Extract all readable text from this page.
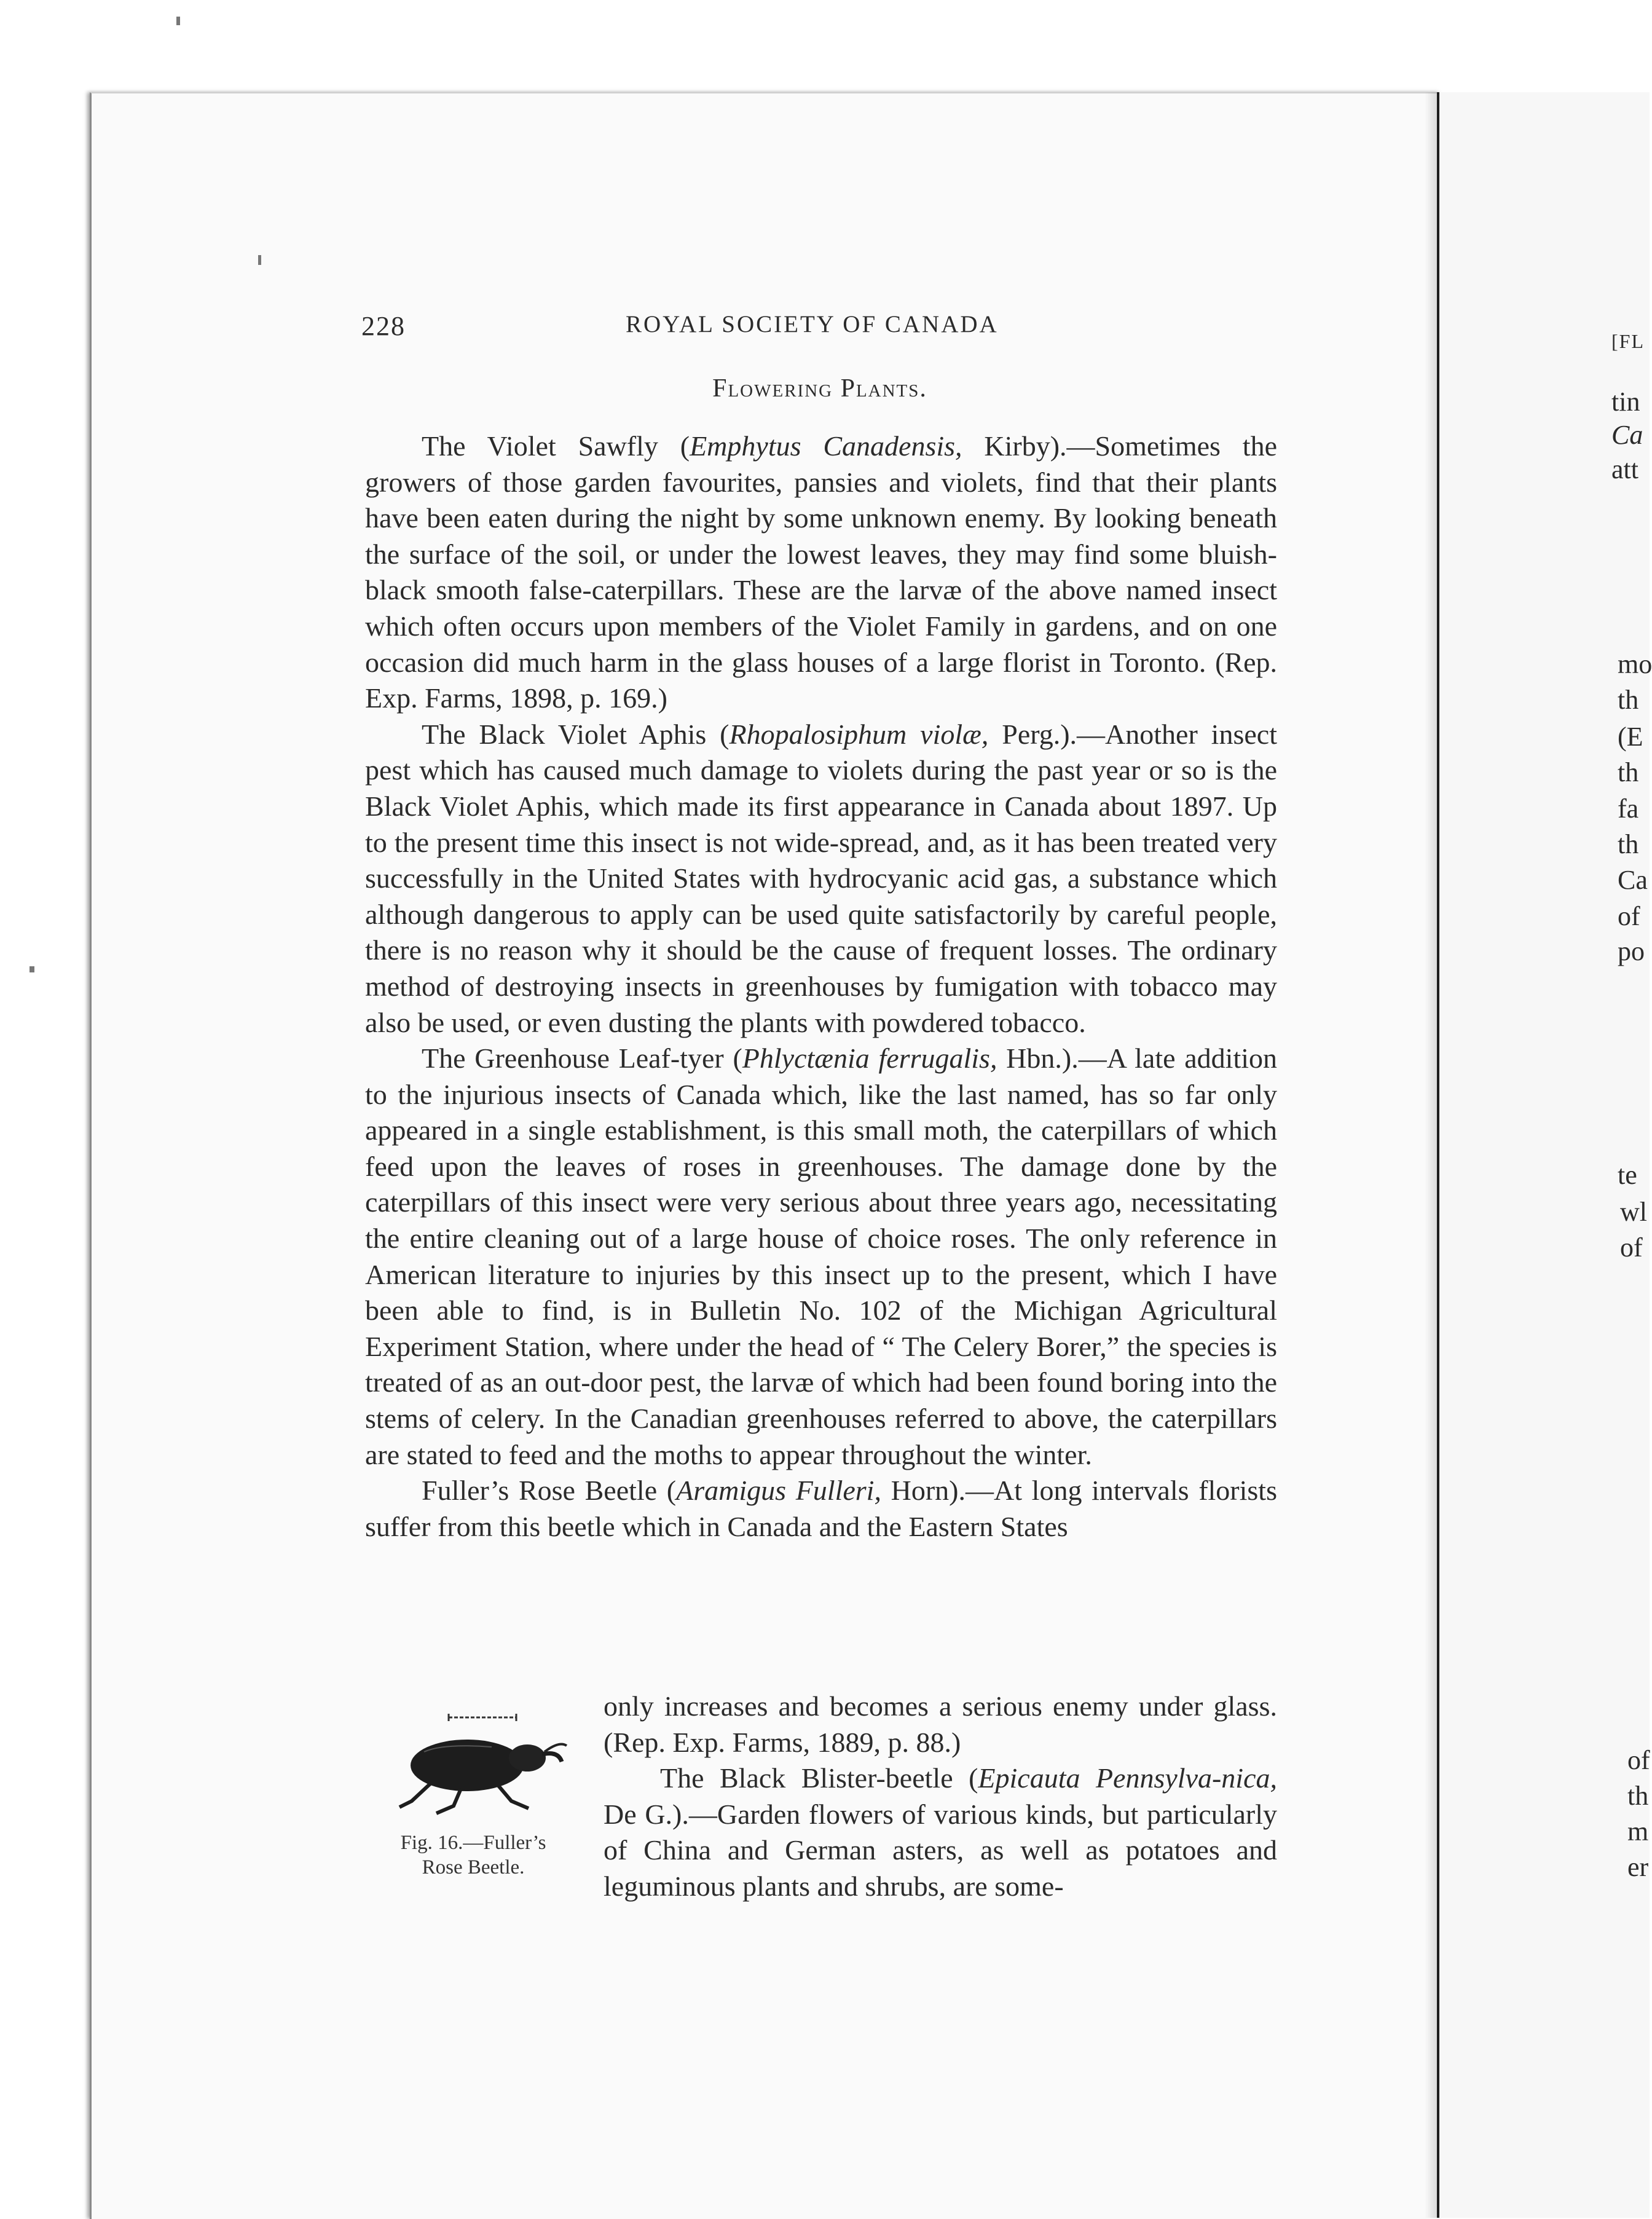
228	ROYAL SOCIETY OF CANADA
Flowering Plants.

The Violet Sawfly (Emphytus Canadensis, Kirby).—Sometimes the growers of those garden favourites, pansies and violets, find that their plants have been eaten during the night by some unknown enemy. By looking beneath the surface of the soil, or under the lowest leaves, they may find some bluish-black smooth false-caterpillars. These are the larvæ of the above named insect which often occurs upon members of the Violet Family in gardens, and on one occasion did much harm in the glass houses of a large florist in Toronto. (Rep. Exp. Farms, 1898, p. 169.)

The Black Violet Aphis (Rhopalosiphum violæ, Perg.).—Another insect pest which has caused much damage to violets during the past year or so is the Black Violet Aphis, which made its first appearance in Canada about 1897. Up to the present time this insect is not wide-spread, and, as it has been treated very successfully in the United States with hydrocyanic acid gas, a substance which although dangerous to apply can be used quite satisfactorily by careful people, there is no reason why it should be the cause of frequent losses. The ordinary method of destroying insects in greenhouses by fumigation with tobacco may also be used, or even dusting the plants with powdered tobacco.

The Greenhouse Leaf-tyer (Phlyctænia ferrugalis, Hbn.).—A late addition to the injurious insects of Canada which, like the last named, has so far only appeared in a single establishment, is this small moth, the caterpillars of which feed upon the leaves of roses in greenhouses. The damage done by the caterpillars of this insect were very serious about three years ago, necessitating the entire cleaning out of a large house of choice roses. The only reference in American literature to injuries by this insect up to the present, which I have been able to find, is in Bulletin No. 102 of the Michigan Agricultural Experiment Station, where under the head of “ The Celery Borer,” the species is treated of as an out-door pest, the larvæ of which had been found boring into the stems of celery. In the Canadian greenhouses referred to above, the caterpillars are stated to feed and the moths to appear throughout the winter.

Fuller’s Rose Beetle (Aramigus Fulleri, Horn).—At long intervals florists suffer from this beetle which in Canada and the Eastern States

Fig. 16.—Fuller’s
Rose Beetle.

only increases and becomes a serious enemy under glass. (Rep. Exp. Farms, 1889, p. 88.)

The Black Blister-beetle (Epicauta Pennsylva-nica, De G.).—Garden flowers of various kinds, but particularly of China and German asters, as well as potatoes and leguminous plants and shrubs, are some-

[FL
tin
Ca
att
mo
th
(E
th
fa
th
Ca
of
po
te
wl
of
of
th
m
er
